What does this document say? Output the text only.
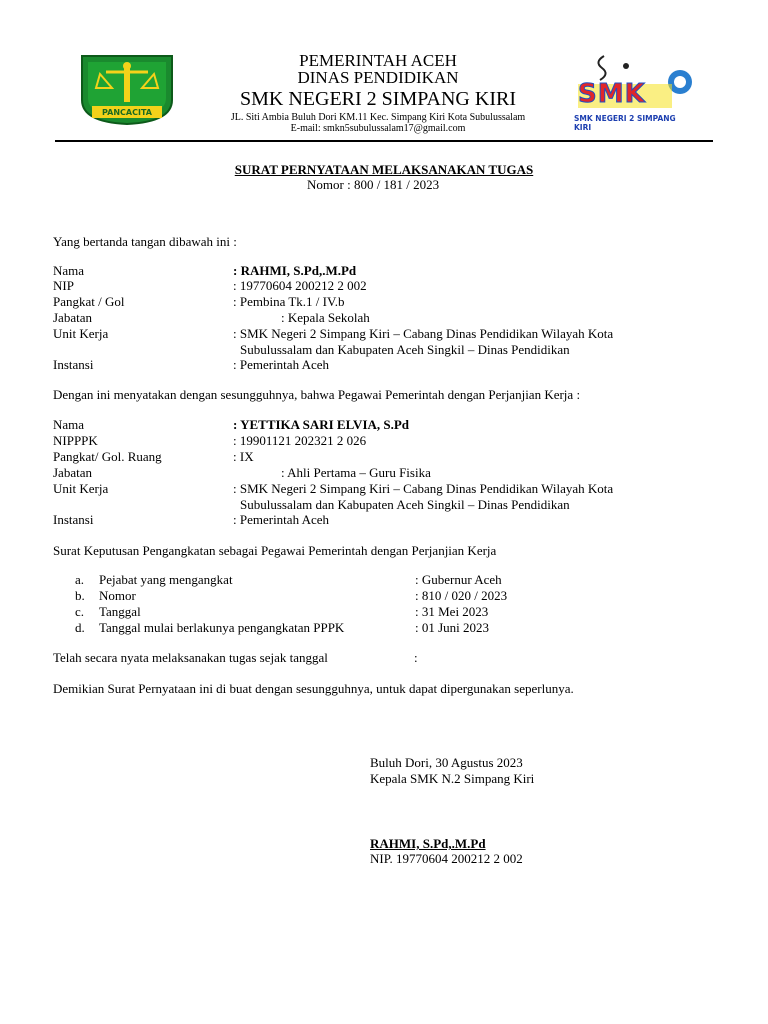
PANCACITA
PEMERINTAH ACEH
DINAS PENDIDIKAN
SMK NEGERI 2 SIMPANG KIRI
JL. Siti Ambia Buluh Dori KM.11 Kec. Simpang Kiri Kota Subulussalam
E-mail: smkn5subulussalam17@gmail.com
SMK
SMK NEGERI 2 SIMPANG KIRI
SURAT PERNYATAAN MELAKSANAKAN TUGAS
Nomor : 800 / 181 / 2023
Yang bertanda tangan dibawah ini :
Nama	: RAHMI, S.Pd,.M.Pd
NIP	: 19770604 200212 2 002
Pangkat / Gol	: Pembina Tk.1 / IV.b
Jabatan	: Kepala Sekolah
Unit Kerja	: SMK Negeri 2 Simpang Kiri – Cabang Dinas Pendidikan Wilayah Kota
Subulussalam dan Kabupaten Aceh Singkil – Dinas Pendidikan
Instansi	: Pemerintah Aceh
Dengan ini menyatakan dengan sesungguhnya, bahwa Pegawai Pemerintah dengan Perjanjian Kerja :
Nama	: YETTIKA SARI ELVIA, S.Pd
NIPPPK	: 19901121 202321 2 026
Pangkat/ Gol. Ruang	: IX
Jabatan	: Ahli Pertama – Guru Fisika
Unit Kerja	: SMK Negeri 2 Simpang Kiri – Cabang Dinas Pendidikan Wilayah Kota
Subulussalam dan Kabupaten Aceh Singkil – Dinas Pendidikan
Instansi	: Pemerintah Aceh
Surat Keputusan Pengangkatan sebagai Pegawai Pemerintah dengan Perjanjian Kerja
a. Pejabat yang mengangkat	: Gubernur Aceh
b. Nomor	: 810 / 020 / 2023
c. Tanggal	: 31 Mei 2023
d. Tanggal mulai berlakunya pengangkatan PPPK	: 01 Juni 2023
Telah secara nyata melaksanakan tugas sejak tanggal	:
Demikian Surat Pernyataan ini di buat dengan sesungguhnya, untuk dapat dipergunakan seperlunya.
Buluh Dori, 30 Agustus 2023
Kepala SMK N.2 Simpang Kiri
RAHMI, S.Pd,.M.Pd
NIP. 19770604 200212 2 002
